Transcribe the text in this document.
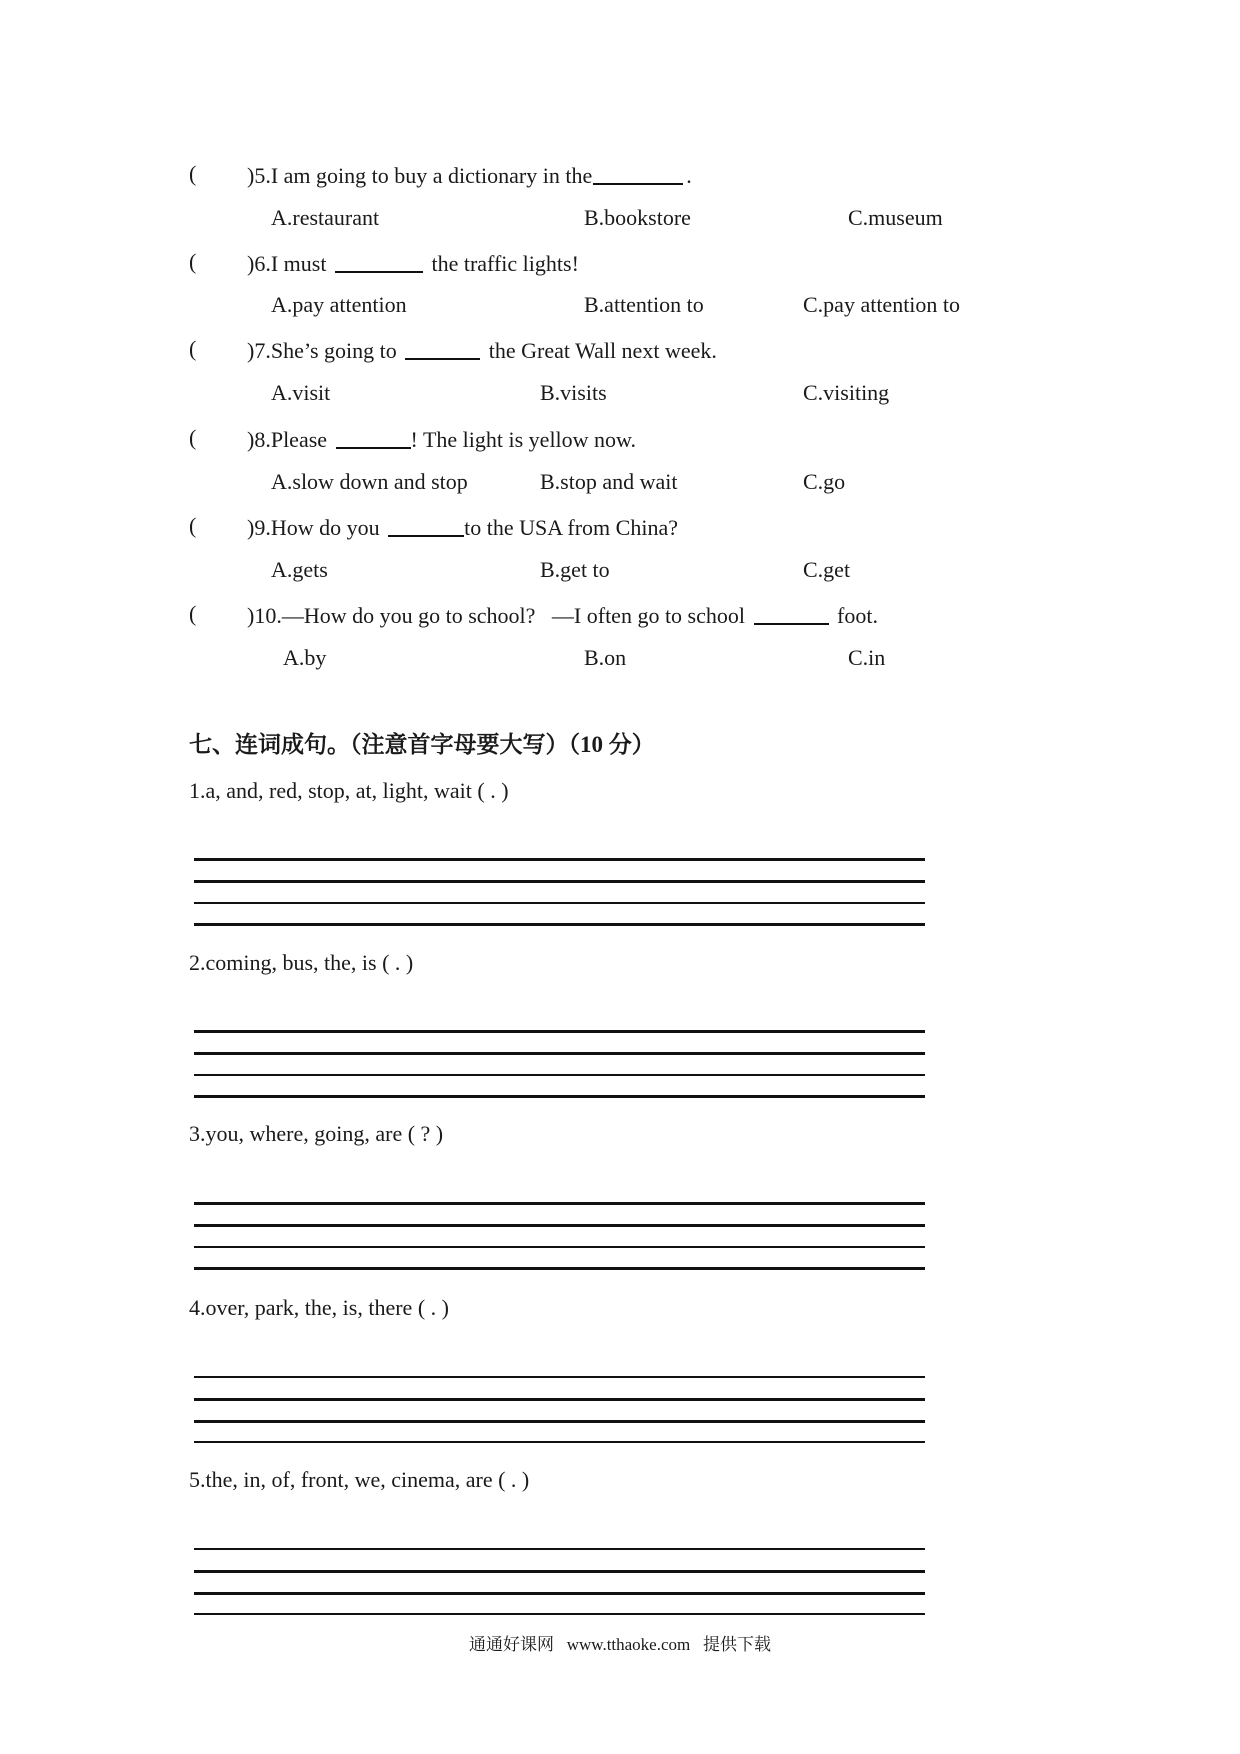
( )5.I am going to buy a dictionary in the	.
A.restaurant	B.bookstore	C.museum
( )6.I must	the traffic lights!
A.pay attention	B.attention to	C.pay attention to
( )7.She’s going to	the Great Wall next week.
A.visit	B.visits	C.visiting
( )8.Please	! The light is yellow now.
A.slow down and stop	B.stop and wait	C.go
( )9.How do you	to the USA from China?
A.gets	B.get to	C.get
( )10.—How do you go to school?   —I often go to school	foot.
A.by	B.on	C.in
七、连词成句。（注意首字母要大写）（10 分）
1.a, and, red, stop, at, light, wait ( . )
2.coming, bus, the, is ( . )
3.you, where, going, are ( ? )
4.over, park, the, is, there ( . )
5.the, in, of, front, we, cinema, are ( . )
通通好课网   www.tthaoke.com   提供下载
